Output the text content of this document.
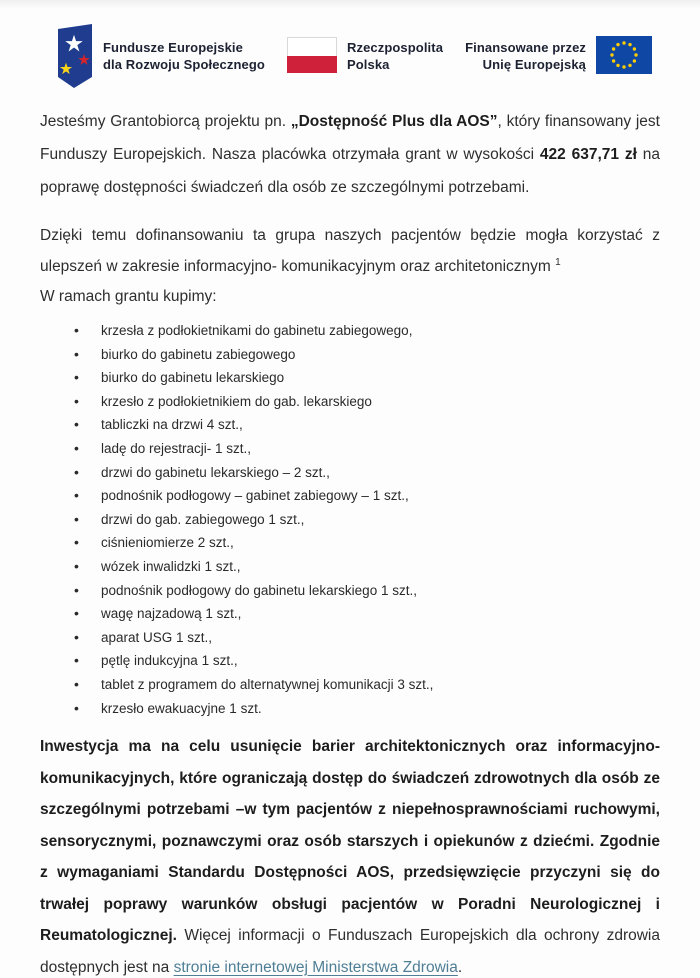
Fundusze Europejskie
dla Rozwoju Społecznego
Rzeczpospolita
Polska
Finansowane przez
Unię Europejską

Jesteśmy Grantobiorcą projektu pn. „Dostępność Plus dla AOS”, który finansowany jest Funduszy Europejskich. Nasza placówka otrzymała grant w wysokości 422 637,71 zł na poprawę dostępności świadczeń dla osób ze szczególnymi potrzebami.

Dzięki temu dofinansowaniu ta grupa naszych pacjentów będzie mogła korzystać z ulepszeń w zakresie informacyjno- komunikacyjnym oraz architetonicznym $^1$

W ramach grantu kupimy:

• krzesła z podłokietnikami do gabinetu zabiegowego,
• biurko do gabinetu zabiegowego
• biurko do gabinetu lekarskiego
• krzesło z podłokietnikiem do gab. lekarskiego
• tabliczki na drzwi 4 szt.,
• ladę do rejestracji- 1 szt.,
• drzwi do gabinetu lekarskiego – 2 szt.,
• podnośnik podłogowy – gabinet zabiegowy – 1 szt.,
• drzwi do gab. zabiegowego 1 szt.,
• ciśnieniomierze 2 szt.,
• wózek inwalidzki 1 szt.,
• podnośnik podłogowy do gabinetu lekarskiego 1 szt.,
• wagę najzadową 1 szt.,
• aparat USG 1 szt.,
• pętlę indukcyjna 1 szt.,
• tablet z programem do alternatywnej komunikacji 3 szt.,
• krzesło ewakuacyjne 1 szt.

Inwestycja ma na celu usunięcie barier architektonicznych oraz informacyjno-komunikacyjnych, które ograniczają dostęp do świadczeń zdrowotnych dla osób ze szczególnymi potrzebami –w tym pacjentów z niepełnosprawnościami ruchowymi, sensorycznymi, poznawczymi oraz osób starszych i opiekunów z dziećmi. Zgodnie z wymaganiami Standardu Dostępności AOS, przedsięwzięcie przyczyni się do trwałej poprawy warunków obsługi pacjentów w Poradni Neurologicznej i Reumatologicznej. Więcej informacji o Funduszach Europejskich dla ochrony zdrowia dostępnych jest na stronie internetowej Ministerstwa Zdrowia.
